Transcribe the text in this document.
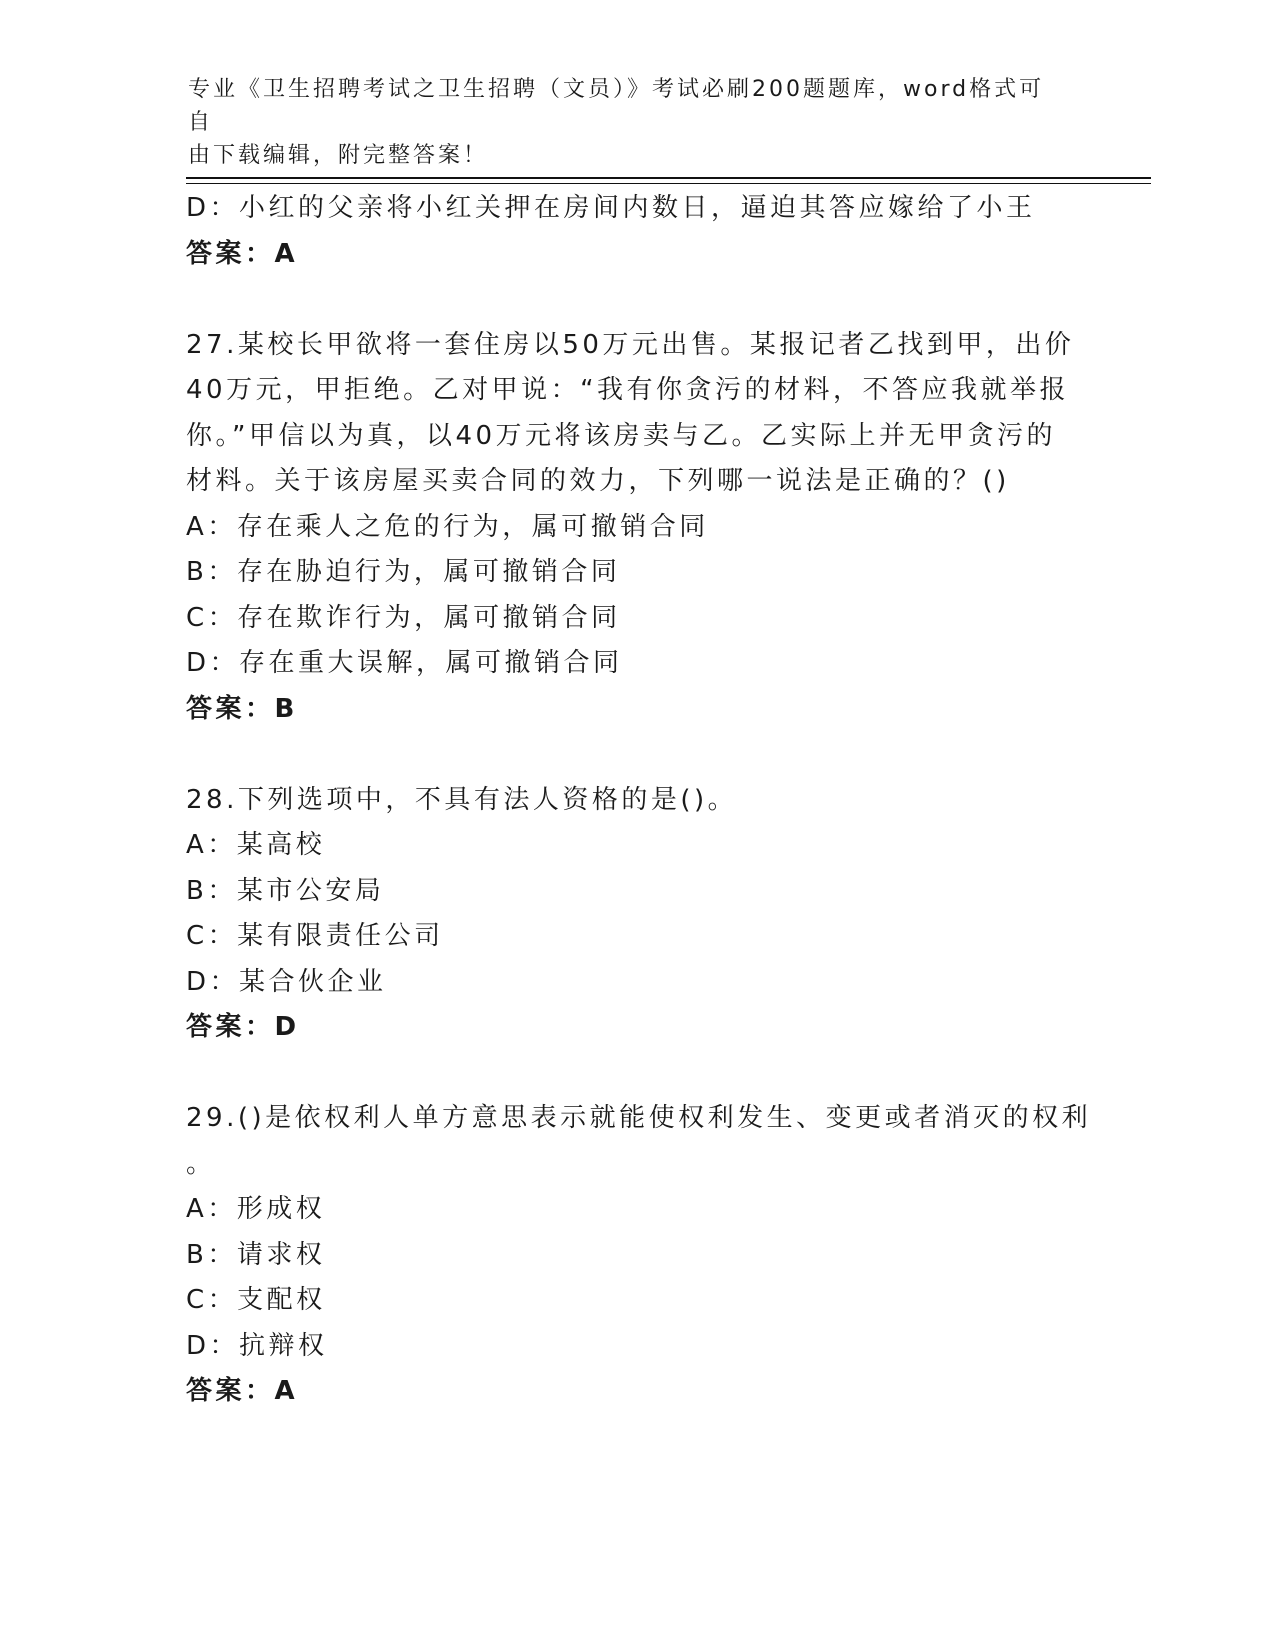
专业《卫生招聘考试之卫生招聘（文员）》考试必刷200题题库，word格式可自
由下载编辑，附完整答案！
D：小红的父亲将小红关押在房间内数日，逼迫其答应嫁给了小王
答案：A
27.某校长甲欲将一套住房以50万元出售。某报记者乙找到甲，出价
40万元，甲拒绝。乙对甲说：“我有你贪污的材料，不答应我就举报
你。”甲信以为真，以40万元将该房卖与乙。乙实际上并无甲贪污的
材料。关于该房屋买卖合同的效力，下列哪一说法是正确的？()
A：存在乘人之危的行为，属可撤销合同
B：存在胁迫行为，属可撤销合同
C：存在欺诈行为，属可撤销合同
D：存在重大误解，属可撤销合同
答案：B
28.下列选项中，不具有法人资格的是()。
A：某高校
B：某市公安局
C：某有限责任公司
D：某合伙企业
答案：D
29.()是依权利人单方意思表示就能使权利发生、变更或者消灭的权利
。
A：形成权
B：请求权
C：支配权
D：抗辩权
答案：A
